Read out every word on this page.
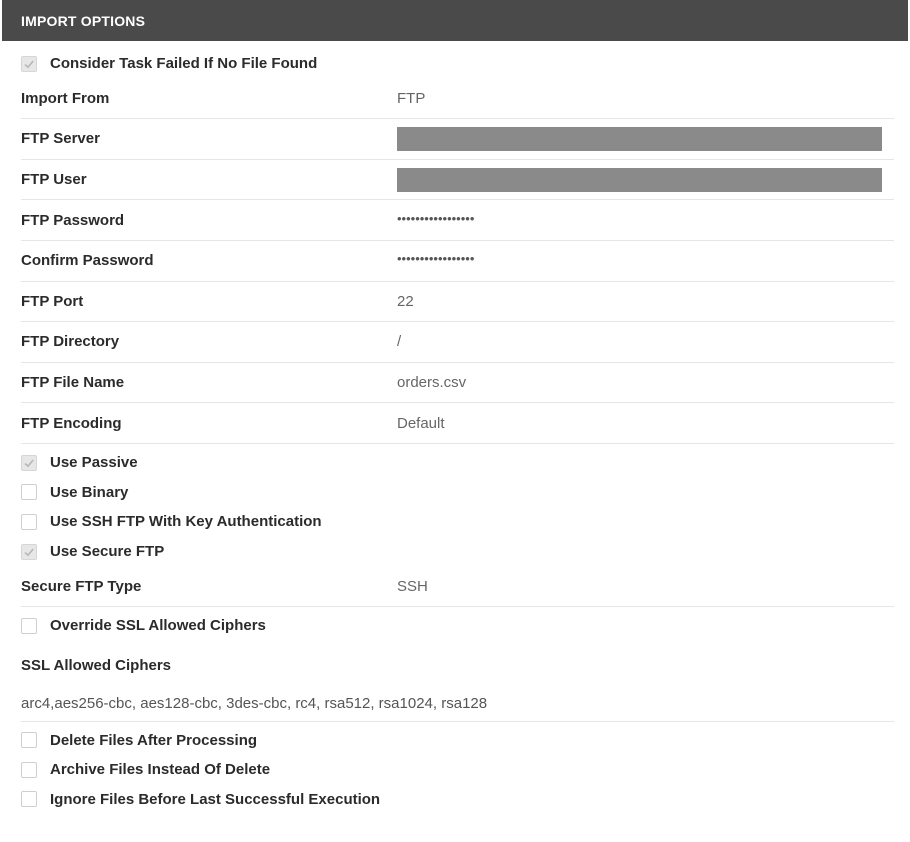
IMPORT OPTIONS
Consider Task Failed If No File Found
Import From	FTP
FTP Server
FTP User
FTP Password	•••••••••••••••••
Confirm Password	•••••••••••••••••
FTP Port	22
FTP Directory	/
FTP File Name	orders.csv
FTP Encoding	Default
Use Passive
Use Binary
Use SSH FTP With Key Authentication
Use Secure FTP
Secure FTP Type	SSH
Override SSL Allowed Ciphers
SSL Allowed Ciphers
arc4,aes256-cbc, aes128-cbc, 3des-cbc, rc4, rsa512, rsa1024, rsa128
Delete Files After Processing
Archive Files Instead Of Delete
Ignore Files Before Last Successful Execution
